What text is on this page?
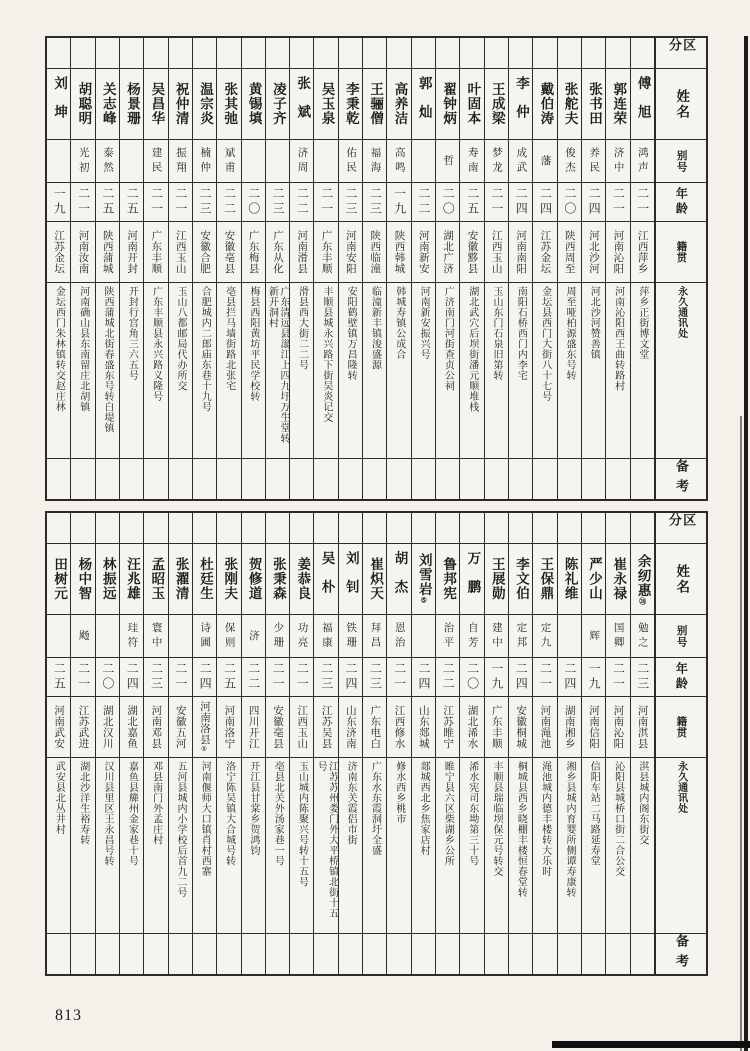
刘坤
一九
江苏金坛
金坛西门朱林镇转交赵庄林
胡聪明
光初
二一
河南汝南
河南确山县东南留庄北胡镇
关志峰
泰然
二五
陕西蒲城
陕西蒲城北街春盛东号转白堤镇
杨景珊
二五
河南开封
开封行宫角三六五号
吴昌华
建民
二一
广东丰顺
广东丰顺县永兴路义隆号
祝仲清
振翔
二一
江西玉山
玉山八都邮局代办所交
温宗炎
楠仲
二三
安徽合肥
合肥城内二郎庙东巷十九号
张其弛
斌甫
二二
安徽亳县
亳县拦马墙街路北张宅
黄锡填
二〇
广东梅县
梅县西阳黄坊平民学校转
凌子齐
二三
广东从化
广东清远县滃江上四九圩万生堂转新开洞村
张斌
济周
二二
河南滑县
滑县西大街二二号
吴玉泉
二一
广东丰顺
丰顺县城永兴路下街吴炎记交
李秉乾
佑民
二三
河南安阳
安阳鹤壁镇万昌隆转
王骊僧
福海
二三
陕西临潼
临潼新丰镇浚盛源
高养洁
高鸣
一九
陕西韩城
韩城寿镇公成合
郭灿
二二
河南新安
河南新安振兴号
翟钟炳
哲
二〇
湖北广济
广济南门河街查贞公祠
叶固本
寿南
二五
安徽黟县
湖北武穴后坝街潘元顺堆栈
王成梁
梦龙
二一
江西玉山
玉山东门石泉旧第转
李仲
成武
二四
河南南阳
南阳石桥西门内李宅
戴伯涛
藩
二四
江苏金坛
金坛县西门大街八十七号
张舵夫
俊杰
二〇
陕西周至
周至哑柏源盛东号转
张书田
养民
二四
河北沙河
河北沙河赞善镇
郭连荣
济中
二一
河南沁阳
河南沁阳西王曲转路村
傅旭
鸿声
二一
江西萍乡
萍乡正街博文堂
区分
姓名
别号
年龄
籍贯
永久通讯处
备考
田树元
二五
河南武安
武安县北丛井村
杨中智
飏
二一
江苏武进
湖北沙洋生裕寿转
林振远
二〇
湖北汉川
汉川县里区王永昌号转
汪兆雄
珪符
二四
湖北嘉鱼
嘉鱼县簰州金家巷十号
孟昭玉
寰中
二三
河南邓县
邓县南门外孟庄村
张濯清
二一
安徽五河
五河县城内小学校后首九二号
杜廷生
诗圃
二四
河南洛县⑤
河南偃师大口镇肖村西寨
张刚夫
保则
二五
河南洛宁
洛宁陈吴镇大合城号转
贺修道
济
二二
四川开江
开江县甘棠乡贺鸿钧
张秉森
少珊
二一
安徽亳县
亳县北关外汤家巷一号
姜恭良
功亮
二一
江西玉山
玉山城内陈聚兴号转十五号
吴朴
福康
二三
江苏吴县
江苏苏州娄门外大平桥镇北街十五号
刘钊
铁珊
二四
山东济南
济南东关霞侣市街
崔炽天
拜昌
二三
广东电白
广东水东霞洞圩全盛
胡杰
恩治
二一
江西修水
修水西乡桃市
刘雪岩⑤
二四
山东郯城
郯城西北乡焦家店村
鲁邦宪
治平
二二
江苏睢宁
睢宁县六区柴湖乡公所
万鹏
自芳
二〇
湖北浠水
浠水宪司东坳第三十号
王展勋
建中
一九
广东丰顺
丰顺县瑞临坝保元号转交
李文伯
定邦
二四
安徽桐城
桐城县西乡晓棚丰楼恒春堂转
王保鼎
定九
二一
河南渑池
渑池城内德丰楼转大乐时
陈礼维
二四
湖南湘乡
湘乡县城内育婴所侧谭寿康转
严少山
辉
一九
河南信阳
信阳车站二马路延寿堂
崔永禄
国卿
二一
河南沁阳
沁阳县城桥口街二合公交
余纫惠㉘
勉之
二三
河南淇县
淇县城内阁东街交
区分
姓名
别号
年龄
籍贯
永久通讯处
备考
813
